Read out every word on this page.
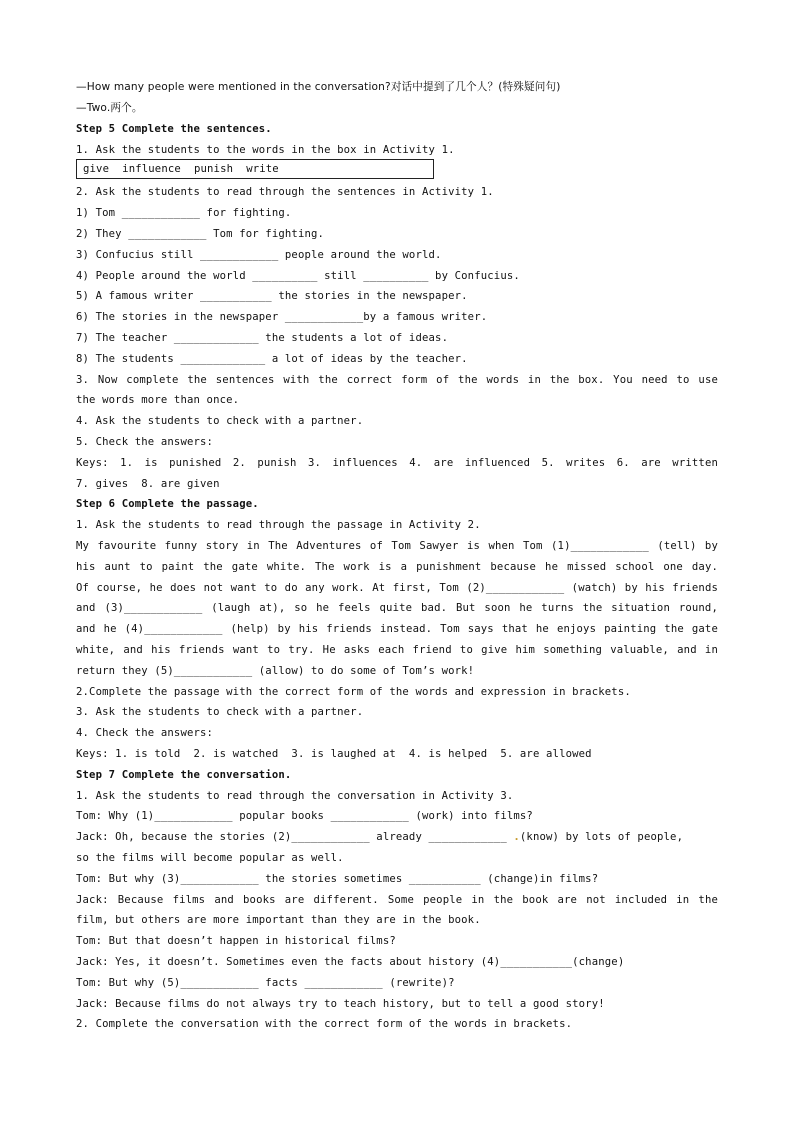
—How many people were mentioned in the conversation?对话中提到了几个人？(特殊疑问句)
—Two.两个。
Step 5 Complete the sentences.
1. Ask the students to the words in the box in Activity 1.
give  influence  punish  write
2. Ask the students to read through the sentences in Activity 1.
1) Tom ____________ for fighting.
2) They ____________ Tom for fighting.
3) Confucius still ____________ people around the world.
4) People around the world __________ still __________ by Confucius.
5) A famous writer ___________ the stories in the newspaper.
6) The stories in the newspaper ____________by a famous writer.
7) The teacher _____________ the students a lot of ideas.
8) The students _____________ a lot of ideas by the teacher.
3. Now complete the sentences with the correct form of the words in the box. You need to use
the words more than once.
4. Ask the students to check with a partner.
5. Check the answers:
Keys: 1. is punished 2. punish 3. influences 4. are influenced 5. writes 6. are written
7. gives  8. are given
Step 6 Complete the passage.
1. Ask the students to read through the passage in Activity 2.
My favourite funny story in The Adventures of Tom Sawyer is when Tom (1)____________ (tell) by
his aunt to paint the gate white. The work is a punishment because he missed school one day.
Of course, he does not want to do any work. At first, Tom (2)____________ (watch) by his friends
and (3)____________ (laugh at), so he feels quite bad. But soon he turns the situation round,
and he (4)____________ (help) by his friends instead. Tom says that he enjoys painting the gate
white, and his friends want to try. He asks each friend to give him something valuable, and in
return they (5)____________ (allow) to do some of Tom’s work!
2.Complete the passage with the correct form of the words and expression in brackets.
3. Ask the students to check with a partner.
4. Check the answers:
Keys: 1. is told  2. is watched  3. is laughed at  4. is helped  5. are allowed
Step 7 Complete the conversation.
1. Ask the students to read through the conversation in Activity 3.
Tom: Why (1)____________ popular books ____________ (work) into films?
Jack: Oh, because the stories (2)____________ already ____________ .(know) by lots of people,
so the films will become popular as well.
Tom: But why (3)____________ the stories sometimes ___________ (change)in films?
Jack: Because films and books are different. Some people in the book are not included in the
film, but others are more important than they are in the book.
Tom: But that doesn’t happen in historical films?
Jack: Yes, it doesn’t. Sometimes even the facts about history (4)___________(change)
Tom: But why (5)____________ facts ____________ (rewrite)?
Jack: Because films do not always try to teach history, but to tell a good story!
2. Complete the conversation with the correct form of the words in brackets.
